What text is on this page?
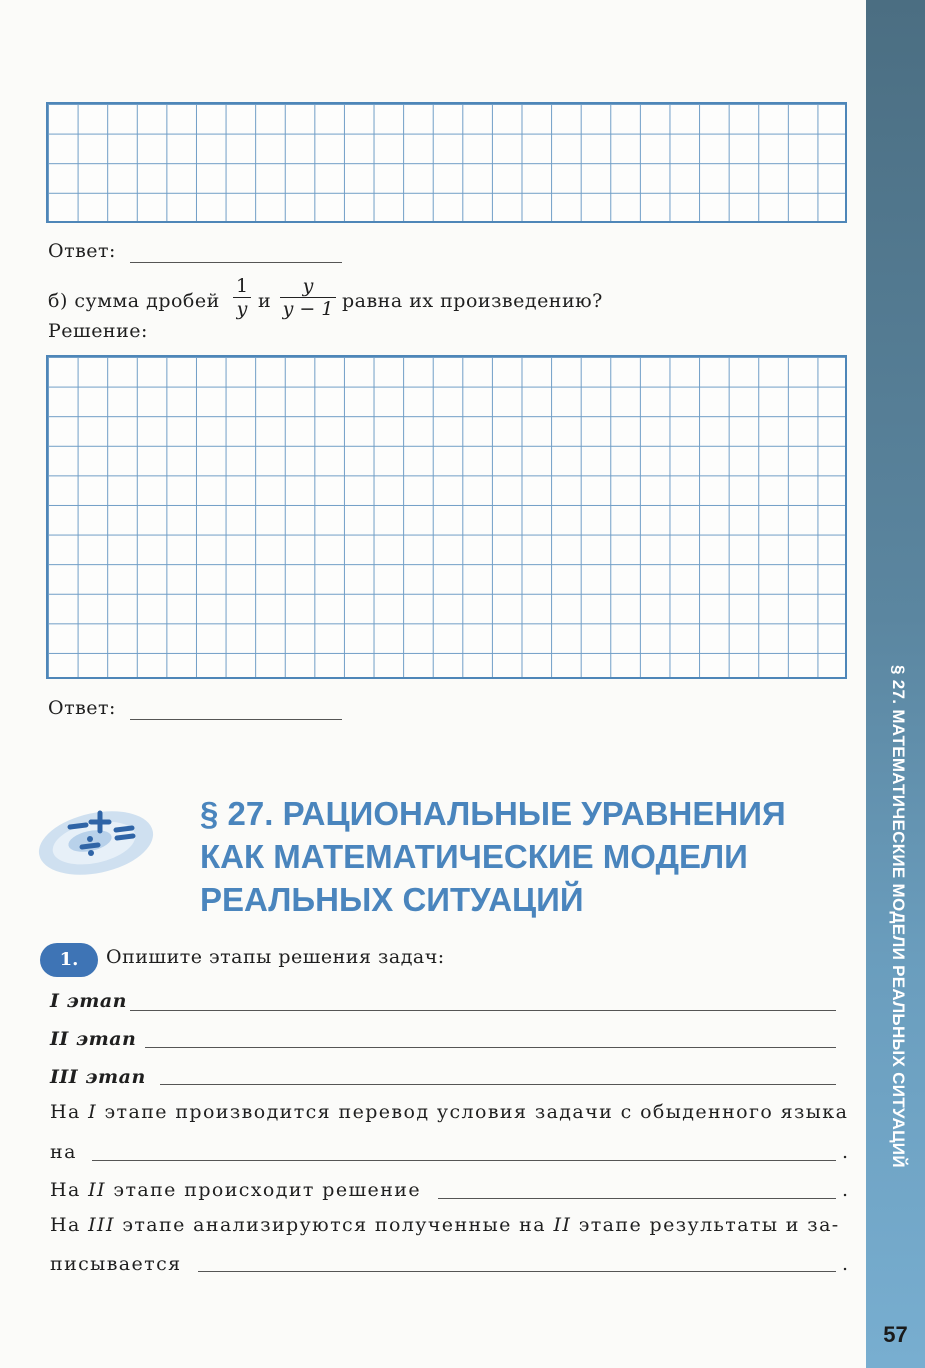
Ответ:
б) сумма дробей
1
y и
y
y − 1 равна их произведению?
Решение:
Ответ:
§ 27. РАЦИОНАЛЬНЫЕ УРАВНЕНИЯ
КАК МАТЕМАТИЧЕСКИЕ МОДЕЛИ
РЕАЛЬНЫХ СИТУАЦИЙ
1.	Опишите этапы решения задач:
I этап
II этап
III этап
На I этапе производится перевод условия задачи с обыденного языка
на	.
На II этапе происходит решение	.
На III этапе анализируются полученные на II этапе результаты и за-
писывается	.
§ 27. МАТЕМАТИЧЕСКИЕ МОДЕЛИ РЕАЛЬНЫХ СИТУАЦИЙ
57
